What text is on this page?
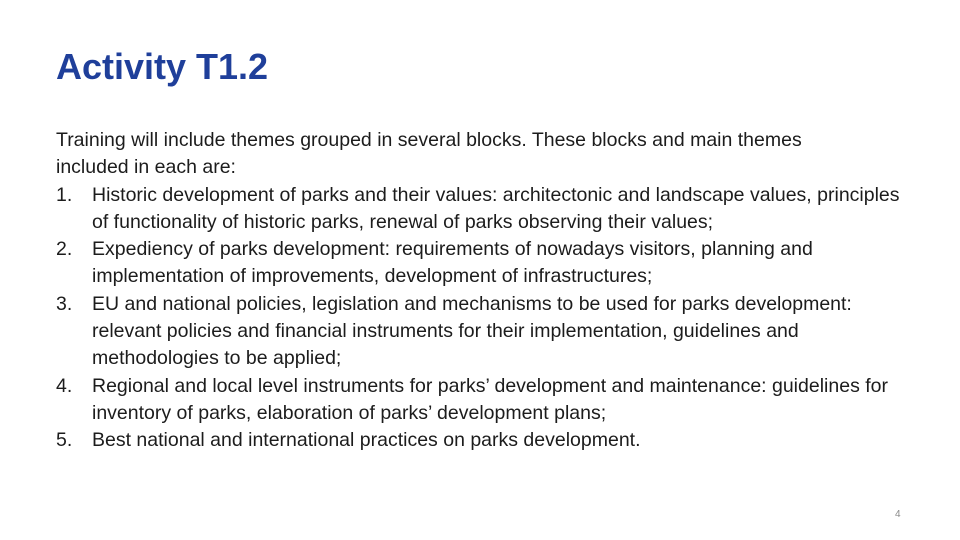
Activity T1.2

Training will include themes grouped in several blocks. These blocks and main themes included in each are:

1.	Historic development of parks and their values: architectonic and landscape values, principles of functionality of historic parks, renewal of parks observing their values;
2.	Expediency of parks development: requirements of nowadays visitors, planning and implementation of improvements, development of infrastructures;
3.	EU and national policies, legislation and mechanisms to be used for parks development: relevant policies and financial instruments for their implementation, guidelines and methodologies to be applied;
4.	Regional and local level instruments for parks’ development and maintenance: guidelines for inventory of parks, elaboration of parks’ development plans;
5.	Best national and international practices on parks development.
4
